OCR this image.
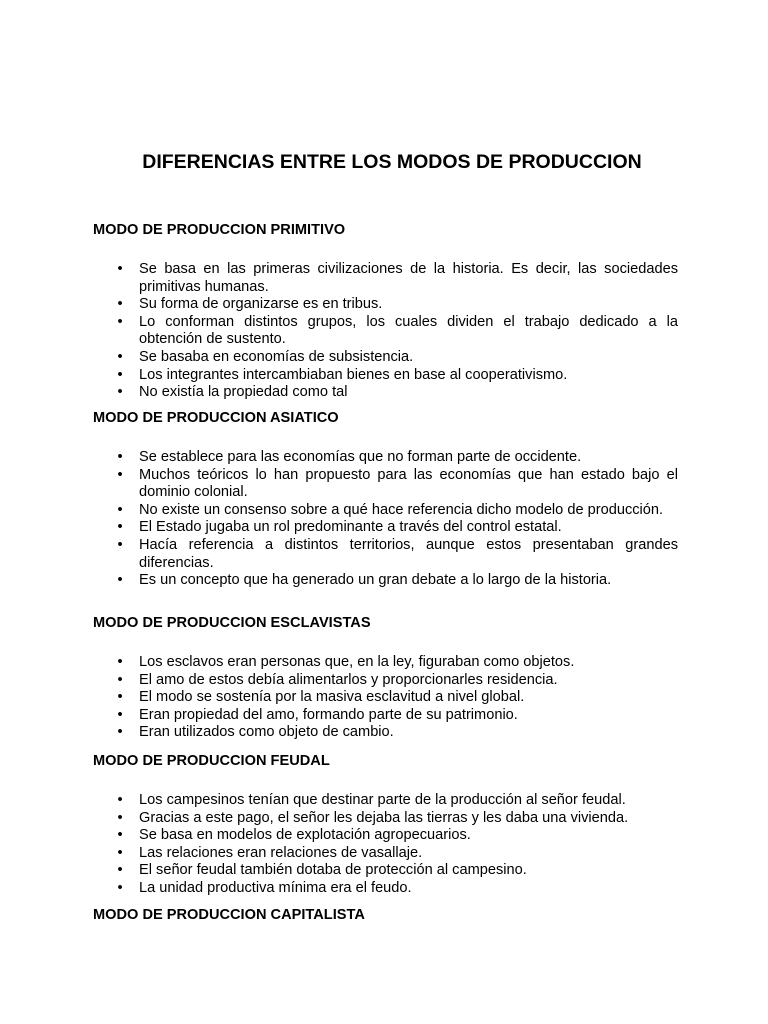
DIFERENCIAS ENTRE LOS MODOS DE PRODUCCION
MODO DE PRODUCCION PRIMITIVO
• Se basa en las primeras civilizaciones de la historia. Es decir, las sociedades primitivas humanas.
• Su forma de organizarse es en tribus.
• Lo conforman distintos grupos, los cuales dividen el trabajo dedicado a la obtención de sustento.
• Se basaba en economías de subsistencia.
• Los integrantes intercambiaban bienes en base al cooperativismo.
• No existía la propiedad como tal
MODO DE PRODUCCION ASIATICO
• Se establece para las economías que no forman parte de occidente.
• Muchos teóricos lo han propuesto para las economías que han estado bajo el dominio colonial.
• No existe un consenso sobre a qué hace referencia dicho modelo de producción.
• El Estado jugaba un rol predominante a través del control estatal.
• Hacía referencia a distintos territorios, aunque estos presentaban grandes diferencias.
• Es un concepto que ha generado un gran debate a lo largo de la historia.
MODO DE PRODUCCION ESCLAVISTAS
• Los esclavos eran personas que, en la ley, figuraban como objetos.
• El amo de estos debía alimentarlos y proporcionarles residencia.
• El modo se sostenía por la masiva esclavitud a nivel global.
• Eran propiedad del amo, formando parte de su patrimonio.
• Eran utilizados como objeto de cambio.
MODO DE PRODUCCION FEUDAL
• Los campesinos tenían que destinar parte de la producción al señor feudal.
• Gracias a este pago, el señor les dejaba las tierras y les daba una vivienda.
• Se basa en modelos de explotación agropecuarios.
• Las relaciones eran relaciones de vasallaje.
• El señor feudal también dotaba de protección al campesino.
• La unidad productiva mínima era el feudo.
MODO DE PRODUCCION CAPITALISTA
